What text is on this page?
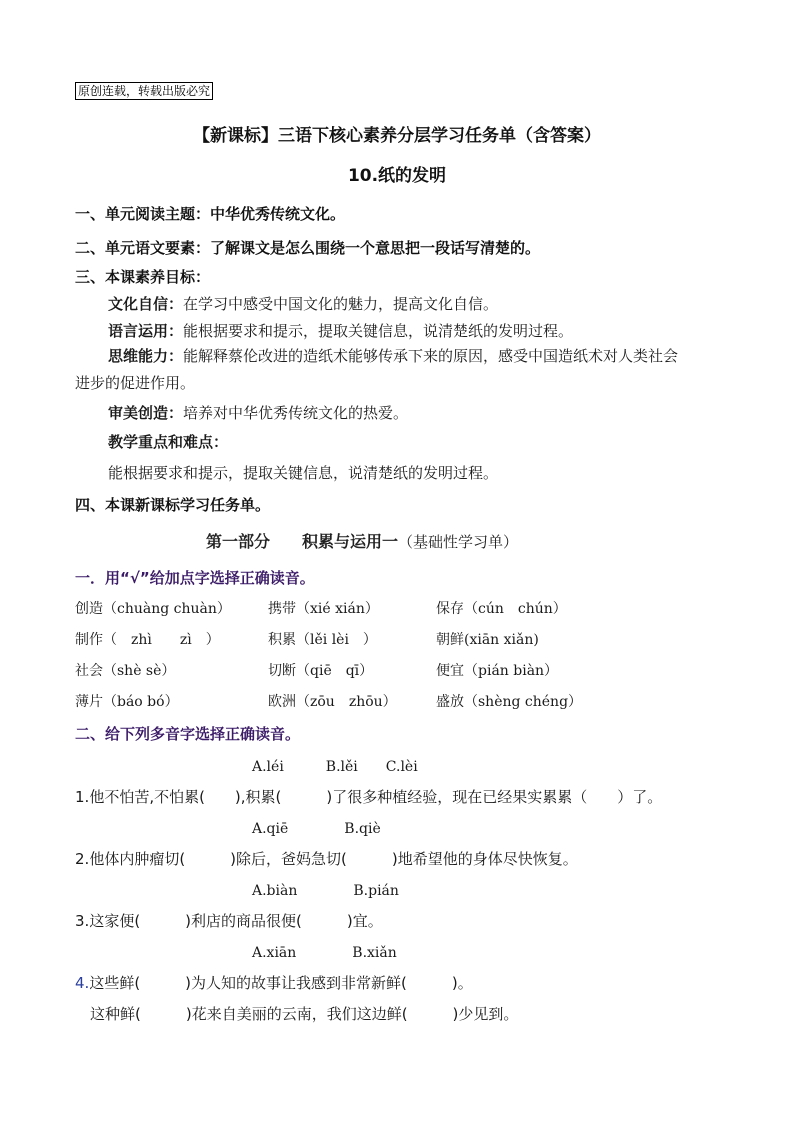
原创连载，转载出版必究
【新课标】三语下核心素养分层学习任务单（含答案）
10.纸的发明
一、单元阅读主题：中华优秀传统文化。
二、单元语文要素：了解课文是怎么围绕一个意思把一段话写清楚的。
三、本课素养目标：
文化自信：在学习中感受中国文化的魅力，提高文化自信。
语言运用：能根据要求和提示，提取关键信息，说清楚纸的发明过程。
思维能力：能解释蔡伦改进的造纸术能够传承下来的原因，感受中国造纸术对人类社会
进步的促进作用。
审美创造：培养对中华优秀传统文化的热爱。
教学重点和难点：
能根据要求和提示，提取关键信息，说清楚纸的发明过程。
四、本课新课标学习任务单。
第一部分　　积累与运用一（基础性学习单）
一．用“√”给加点字选择正确读音。
创造（chuàng chuàn）	携带（xié xián）	保存（cún　chún）
制作（　zhì　　zì　）	积累（lěi lèi　）	朝鲜(xiān xiǎn)
社会（shè sè）	切断（qiē　qī）	便宜（pián biàn）
薄片（báo bó）	欧洲（zōu　zhōu）	盛放（shèng chéng）
二、给下列多音字选择正确读音。
A.léi　　　B.lěi　　C.lèi
1.他不怕苦,不怕累(　　),积累(　　　)了很多种植经验，现在已经果实累累（　　）了。
A.qiē　　　　B.qiè
2.他体内肿瘤切(　　　)除后，爸妈急切(　　　)地希望他的身体尽快恢复。
A.biàn　　　　B.pián
3.这家便(　　　)利店的商品很便(　　　)宜。
A.xiān　　　　B.xiǎn
4.这些鲜(　　　)为人知的故事让我感到非常新鲜(　　　)。
这种鲜(　　　)花来自美丽的云南，我们这边鲜(　　　)少见到。
